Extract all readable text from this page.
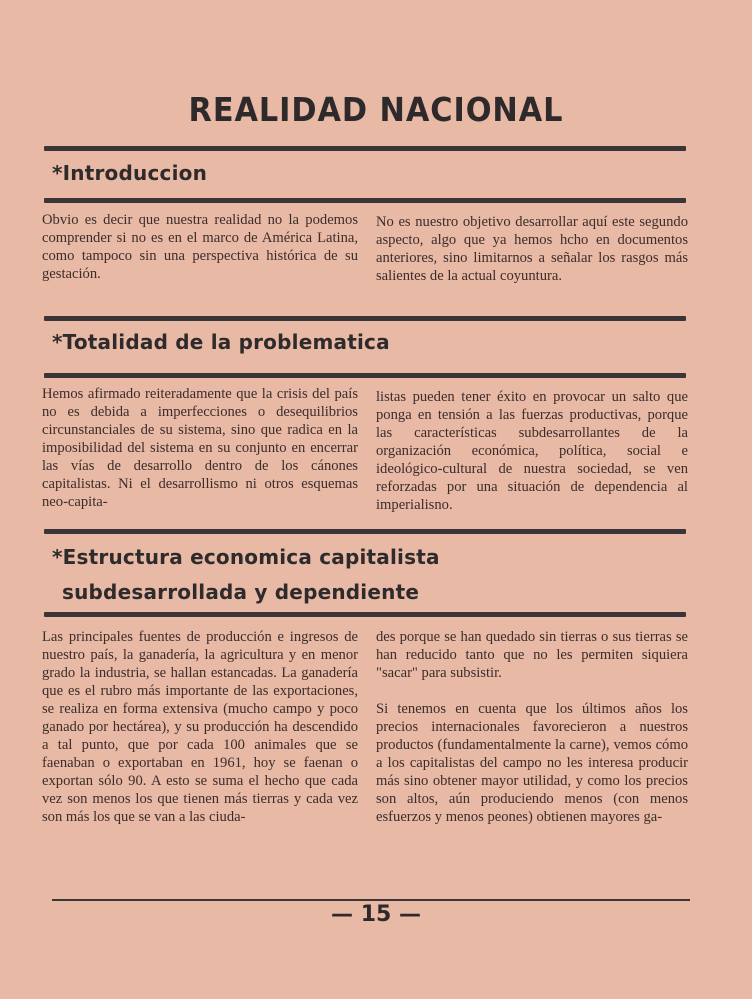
REALIDAD NACIONAL
*Introduccion

Obvio es decir que nuestra realidad no la podemos comprender si no es en el marco de América Latina, como tampoco sin una perspectiva histórica de su gestación.

No es nuestro objetivo desarrollar aquí este segundo aspecto, algo que ya hemos hcho en documentos anteriores, sino limitarnos a señalar los rasgos más salientes de la actual coyuntura.

*Totalidad de la problematica

Hemos afirmado reiteradamente que la crisis del país no es debida a imperfecciones o desequilibrios circunstanciales de su sistema, sino que radica en la imposibilidad del sistema en su conjunto en encerrar las vías de desarrollo dentro de los cánones capitalistas. Ni el desarrollismo ni otros esquemas neo-capita-

listas pueden tener éxito en provocar un salto que ponga en tensión a las fuerzas productivas, porque las características subdesarrollantes de la organización económica, política, social e ideológico-cultural de nuestra sociedad, se ven reforzadas por una situación de dependencia al imperialisno.

*Estructura economica capitalista
subdesarrollada y dependiente

Las principales fuentes de producción e ingresos de nuestro país, la ganadería, la agricultura y en menor grado la industria, se hallan estancadas. La ganadería que es el rubro más importante de las exportaciones, se realiza en forma extensiva (mucho campo y poco ganado por hectárea), y su producción ha descendido a tal punto, que por cada 100 animales que se faenaban o exportaban en 1961, hoy se faenan o exportan sólo 90. A esto se suma el hecho que cada vez son menos los que tienen más tierras y cada vez son más los que se van a las ciuda-

des porque se han quedado sin tierras o sus tierras se han reducido tanto que no les permiten siquiera "sacar" para subsistir.

Si tenemos en cuenta que los últimos años los precios internacionales favorecieron a nuestros productos (fundamentalmente la carne), vemos cómo a los capitalistas del campo no les interesa producir más sino obtener mayor utilidad, y como los precios son altos, aún produciendo menos (con menos esfuerzos y menos peones) obtienen mayores ga-

— 15 —
